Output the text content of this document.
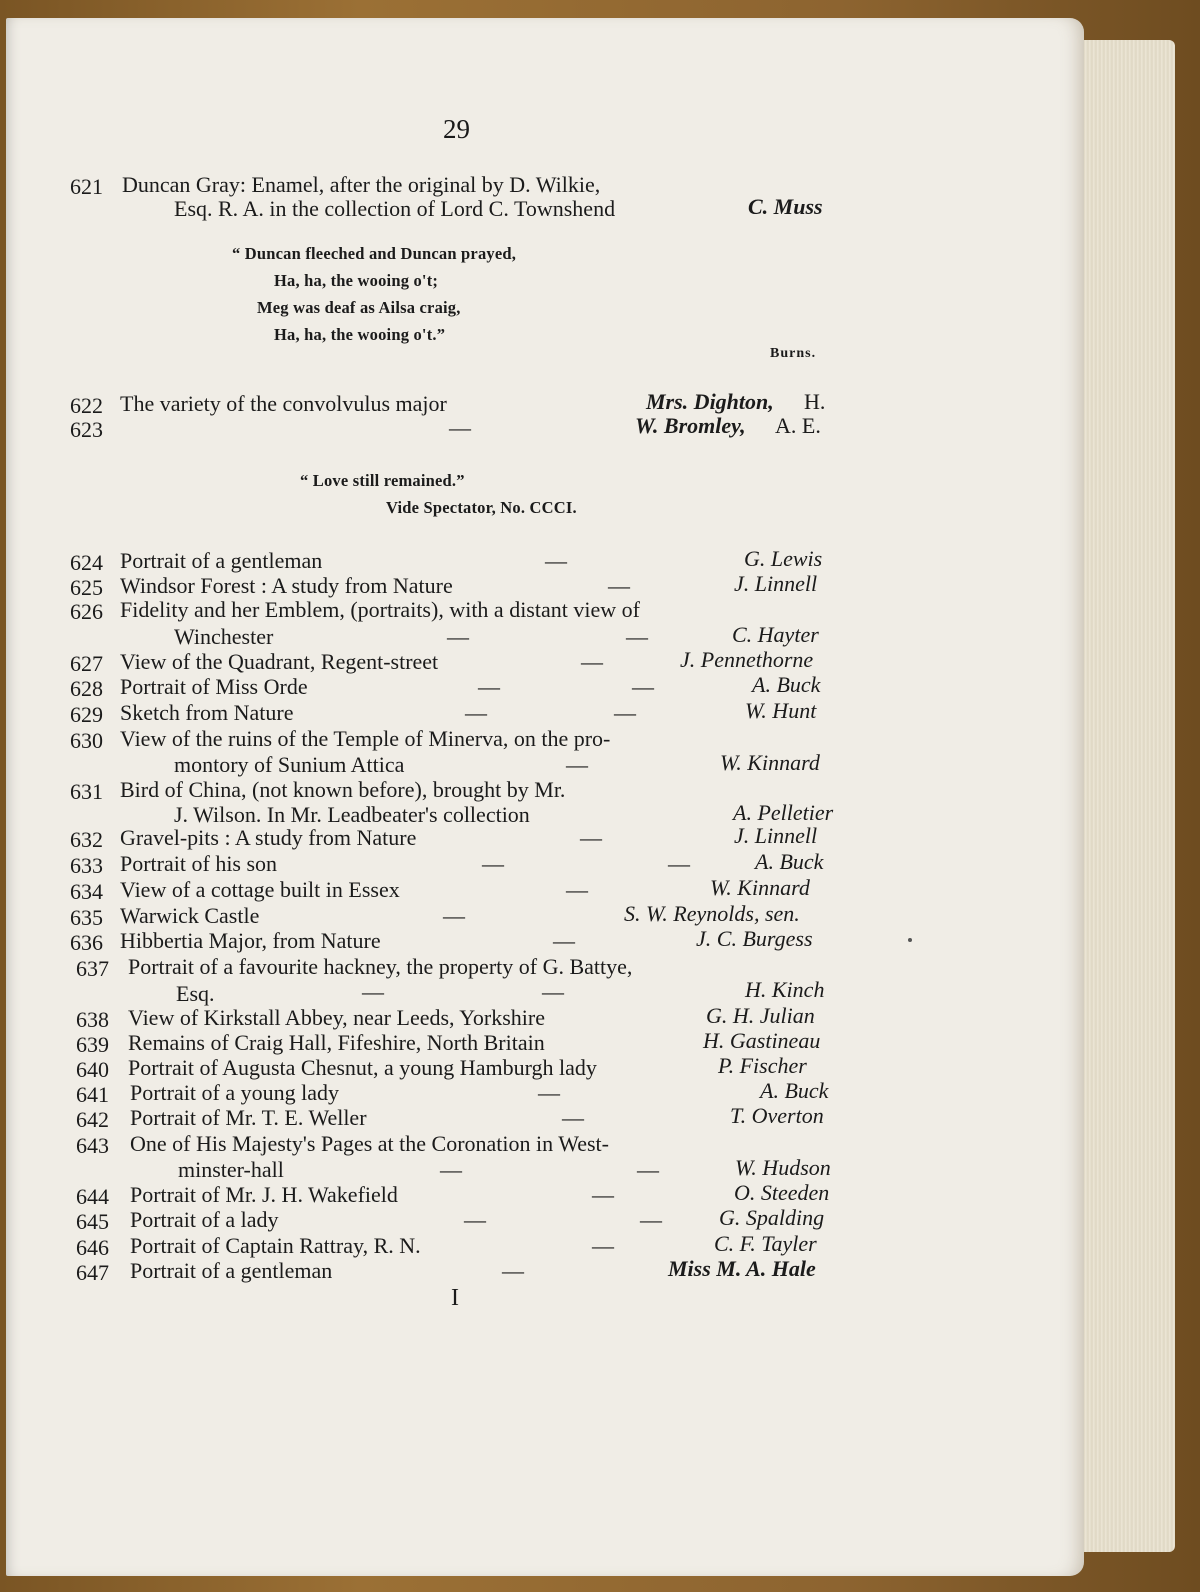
29
621 Duncan Gray: Enamel, after the original by D. Wilkie,
Esq. R. A. in the collection of Lord C. Townshend	C. Muss
“ Duncan fleeched and Duncan prayed,
Ha, ha, the wooing o't;
Meg was deaf as Ailsa craig,
Ha, ha, the wooing o't.”
Burns.
622 The variety of the convolvulus major	Mrs. Dighton, H.
623	—	W. Bromley, A. E.
“ Love still remained.”
Vide Spectator, No. CCCI.
624 Portrait of a gentleman	—	G. Lewis
625 Windsor Forest : A study from Nature	—	J. Linnell
626 Fidelity and her Emblem, (portraits), with a distant view of
Winchester	—	—	C. Hayter
627 View of the Quadrant, Regent-street	—	J. Pennethorne
628 Portrait of Miss Orde	—	—	A. Buck
629 Sketch from Nature	—	—	W. Hunt
630 View of the ruins of the Temple of Minerva, on the pro-
montory of Sunium Attica	—	W. Kinnard
631 Bird of China, (not known before), brought by Mr.
J. Wilson. In Mr. Leadbeater's collection	A. Pelletier
632 Gravel-pits : A study from Nature	—	J. Linnell
633 Portrait of his son	—	—	A. Buck
634 View of a cottage built in Essex	—	W. Kinnard
635 Warwick Castle	—	S. W. Reynolds, sen.
636 Hibbertia Major, from Nature	—	J. C. Burgess
637 Portrait of a favourite hackney, the property of G. Battye,
Esq.	—	—	H. Kinch
638 View of Kirkstall Abbey, near Leeds, Yorkshire	G. H. Julian
639 Remains of Craig Hall, Fifeshire, North Britain	H. Gastineau
640 Portrait of Augusta Chesnut, a young Hamburgh lady	P. Fischer
641 Portrait of a young lady	—	A. Buck
642 Portrait of Mr. T. E. Weller	—	T. Overton
643 One of His Majesty's Pages at the Coronation in West-
minster-hall	—	—	W. Hudson
644 Portrait of Mr. J. H. Wakefield	—	O. Steeden
645 Portrait of a lady	—	—	G. Spalding
646 Portrait of Captain Rattray, R. N.	—	C. F. Tayler
647 Portrait of a gentleman	—	Miss M. A. Hale
I
